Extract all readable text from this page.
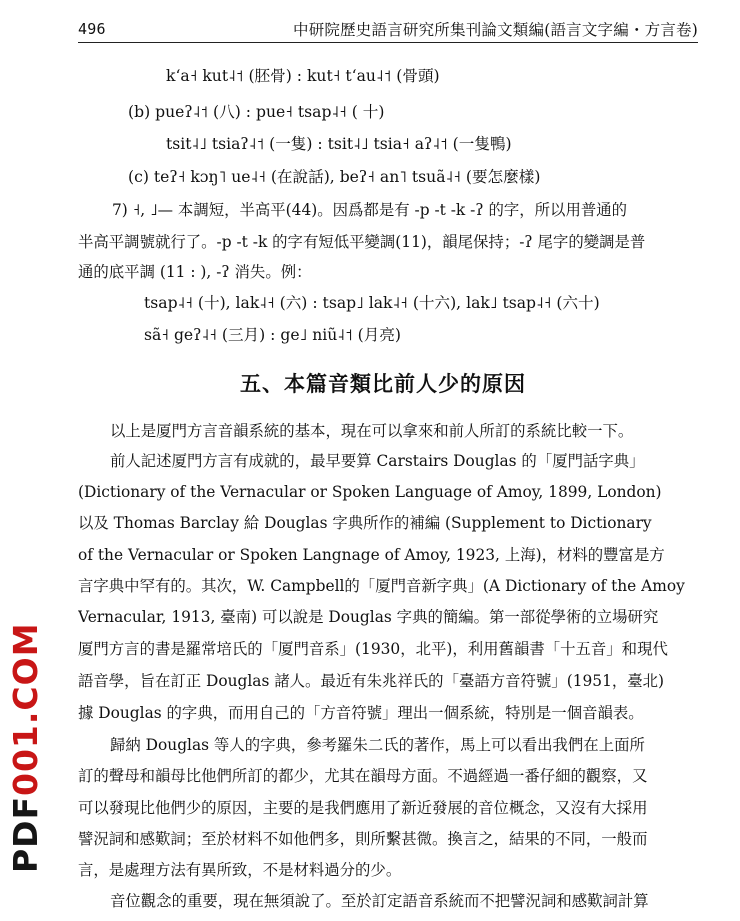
496	中研院歷史語言研究所集刊論文類編(語言文字編・方言卷)
k‘a˧ kut˨˦ (胚骨) : kut˧ t‘au˨˦ (骨頭)
(b) pueʔ˨˦ (八) : pue˧ tsap˨˧ ( 十)
tsit˨˩ tsiaʔ˨˦ (一隻) : tsit˨˩ tsia˧ aʔ˨˦ (一隻鴨)
(c) teʔ˧ kɔŋ˥ ue˨˧ (在說話), beʔ˧ an˥ tsuã˨˧ (要怎麼樣)
7) ˧, ˩— 本調短，半高平(44)。因爲都是有 -p -t -k -ʔ 的字，所以用普通的
半高平調號就行了。-p -t -k 的字有短低平變調(11)，韻尾保持；-ʔ 尾字的變調是普
通的底平調 (11 : ), -ʔ 消失。例：
tsap˨˧ (十), lak˨˧ (六) : tsap˩ lak˨˧ (十六), lak˩ tsap˨˧ (六十)
sã˧ geʔ˨˧ (三月) : ge˩ niũ˨˦ (月亮)
五、本篇音類比前人少的原因
以上是厦門方言音韻系統的基本，現在可以拿來和前人所訂的系統比較一下。
前人記述厦門方言有成就的，最早要算 Carstairs Douglas 的「厦門話字典」
(Dictionary of the Vernacular or Spoken Language of Amoy, 1899, London)
以及 Thomas Barclay 給 Douglas 字典所作的補編 (Supplement to Dictionary
of the Vernacular or Spoken Langnage of Amoy, 1923, 上海)，材料的豐富是方
言字典中罕有的。其次，W. Campbell的「厦門音新字典」(A Dictionary of the Amoy
Vernacular, 1913, 臺南) 可以說是 Douglas 字典的簡編。第一部從學術的立場研究
厦門方言的書是羅常培氏的「厦門音系」(1930，北平)，利用舊韻書「十五音」和現代
語音學，旨在訂正 Douglas 諸人。最近有朱兆祥氏的「臺語方音符號」(1951，臺北)
據 Douglas 的字典，而用自己的「方音符號」理出一個系統，特別是一個音韻表。
歸納 Douglas 等人的字典，參考羅朱二氏的著作，馬上可以看出我們在上面所
訂的聲母和韻母比他們所訂的都少，尤其在韻母方面。不過經過一番仔細的觀察，又
可以發現比他們少的原因，主要的是我們應用了新近發展的音位概念，又沒有大採用
譬況詞和感歎詞；至於材料不如他們多，則所繫甚微。換言之，結果的不同，一般而
言，是處理方法有異所致，不是材料過分的少。
音位觀念的重要，現在無須說了。至於訂定語音系統而不把譬況詞和感歎詞計算
PDF
001.COM
